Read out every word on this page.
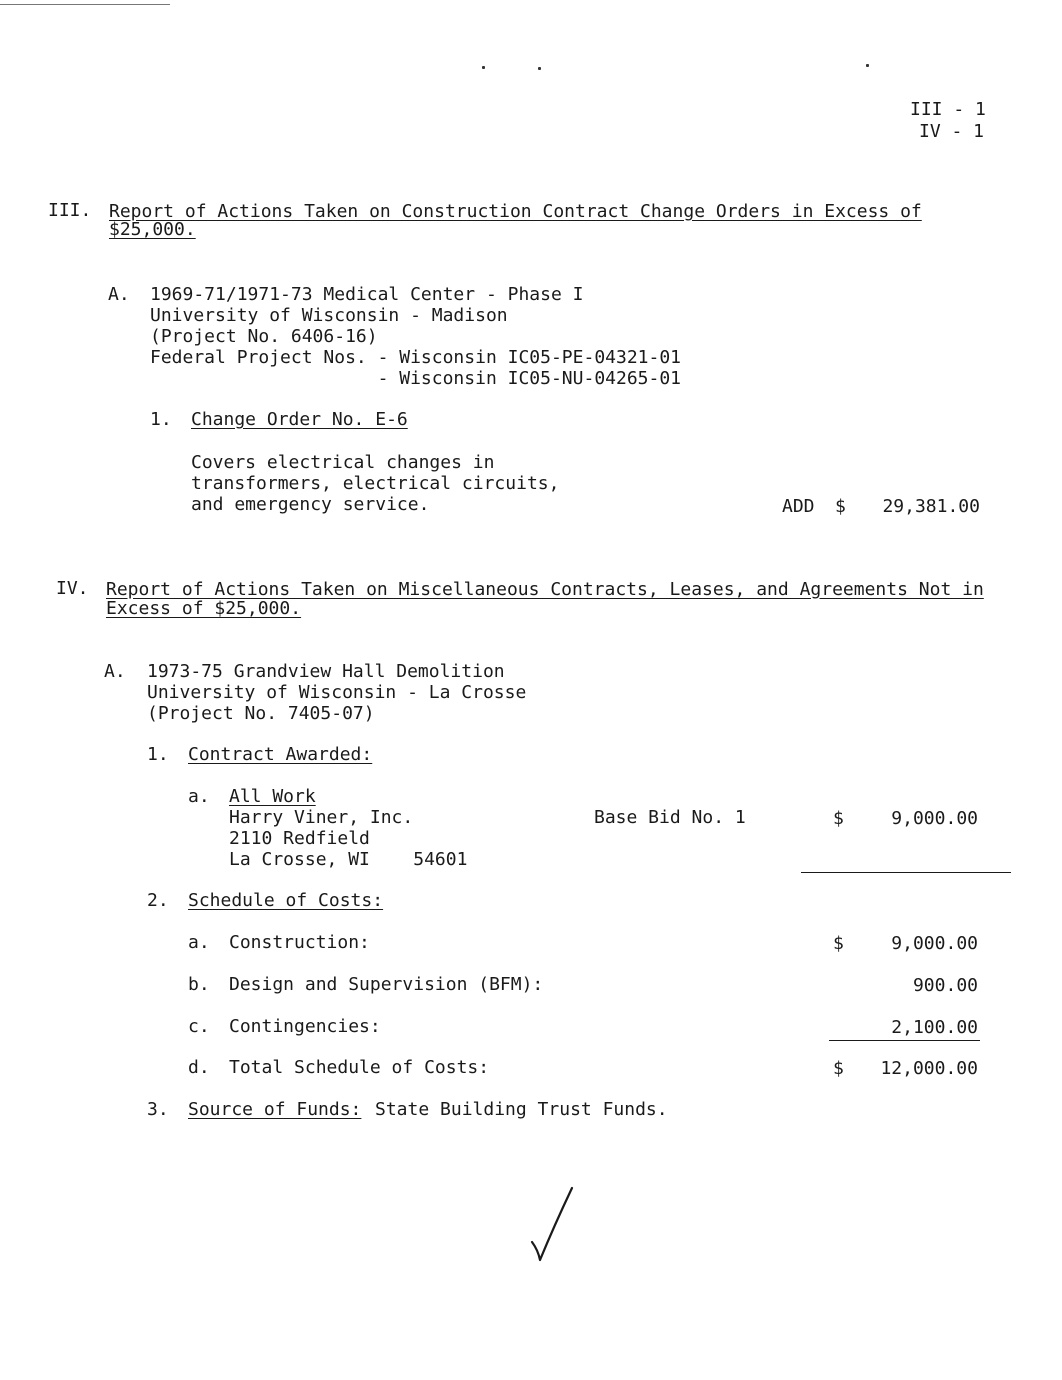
III - 1
IV - 1
III. Report of Actions Taken on Construction Contract Change Orders in Excess of
$25,000.
A. 1969-71/1971-73 Medical Center - Phase I
University of Wisconsin - Madison
(Project No. 6406-16)
Federal Project Nos. - Wisconsin IC05-PE-04321-01
- Wisconsin IC05-NU-04265-01
1. Change Order No. E-6
Covers electrical changes in
transformers, electrical circuits,
and emergency service.	ADD $	29,381.00
IV. Report of Actions Taken on Miscellaneous Contracts, Leases, and Agreements Not in
Excess of $25,000.
A. 1973-75 Grandview Hall Demolition
University of Wisconsin - La Crosse
(Project No. 7405-07)
1. Contract Awarded:
a. All Work
Harry Viner, Inc.
2110 Redfield
La Crosse, WI    54601
Base Bid No. 1	$	9,000.00
2. Schedule of Costs:
a. Construction:	$	9,000.00
b. Design and Supervision (BFM):	900.00
c. Contingencies:	2,100.00
d. Total Schedule of Costs:	$	12,000.00
3. Source of Funds: State Building Trust Funds.
